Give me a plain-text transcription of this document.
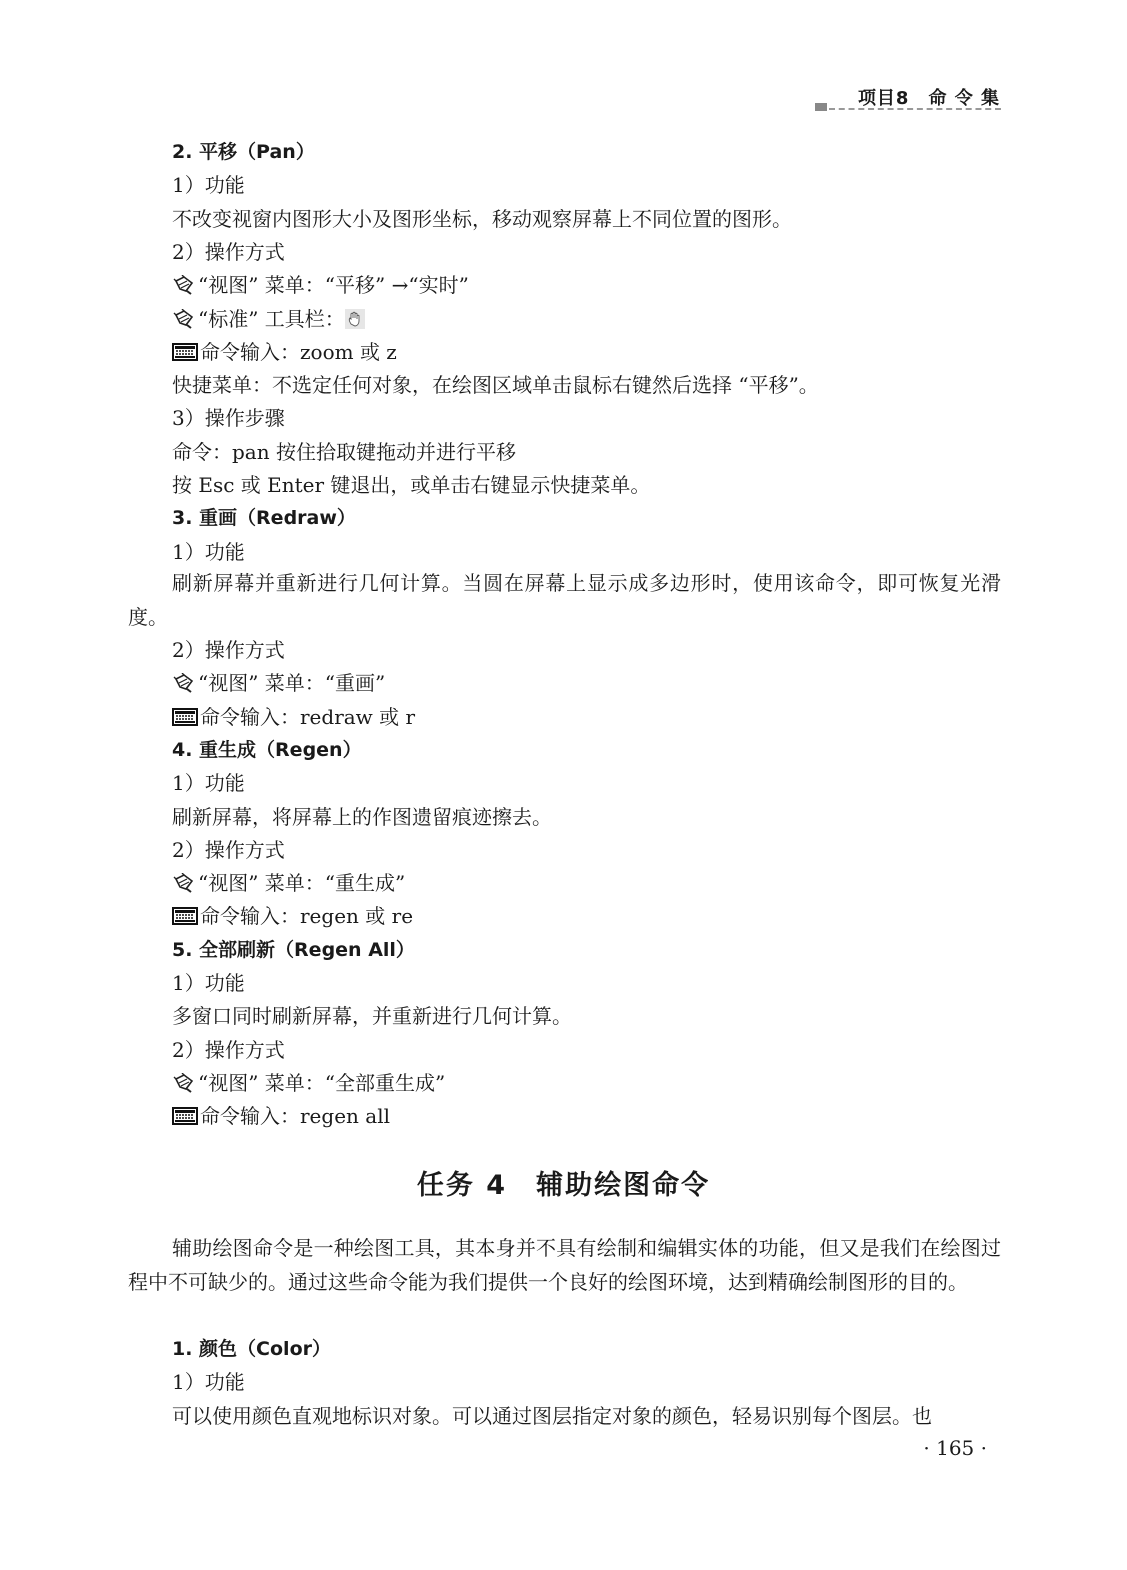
项目8　命 令 集
2. 平移（Pan）
1）功能
不改变视窗内图形大小及图形坐标，移动观察屏幕上不同位置的图形。
2）操作方式
“视图” 菜单：“平移” →“实时”
“标准” 工具栏：
命令输入：zoom 或 z
快捷菜单：不选定任何对象，在绘图区域单击鼠标右键然后选择 “平移”。
3）操作步骤
命令：pan 按住拾取键拖动并进行平移
按 Esc 或 Enter 键退出，或单击右键显示快捷菜单。
3. 重画（Redraw）
1）功能
刷新屏幕并重新进行几何计算。当圆在屏幕上显示成多边形时，使用该命令，即可恢复光滑度。
2）操作方式
“视图” 菜单：“重画”
命令输入：redraw 或 r
4. 重生成（Regen）
1）功能
刷新屏幕，将屏幕上的作图遗留痕迹擦去。
2）操作方式
“视图” 菜单：“重生成”
命令输入：regen 或 re
5. 全部刷新（Regen All）
1）功能
多窗口同时刷新屏幕，并重新进行几何计算。
2）操作方式
“视图” 菜单：“全部重生成”
命令输入：regen all
任务 4　辅助绘图命令
辅助绘图命令是一种绘图工具，其本身并不具有绘制和编辑实体的功能，但又是我们在绘图过程中不可缺少的。通过这些命令能为我们提供一个良好的绘图环境，达到精确绘制图形的目的。
1. 颜色（Color）
1）功能
可以使用颜色直观地标识对象。可以通过图层指定对象的颜色，轻易识别每个图层。也
· 165 ·
